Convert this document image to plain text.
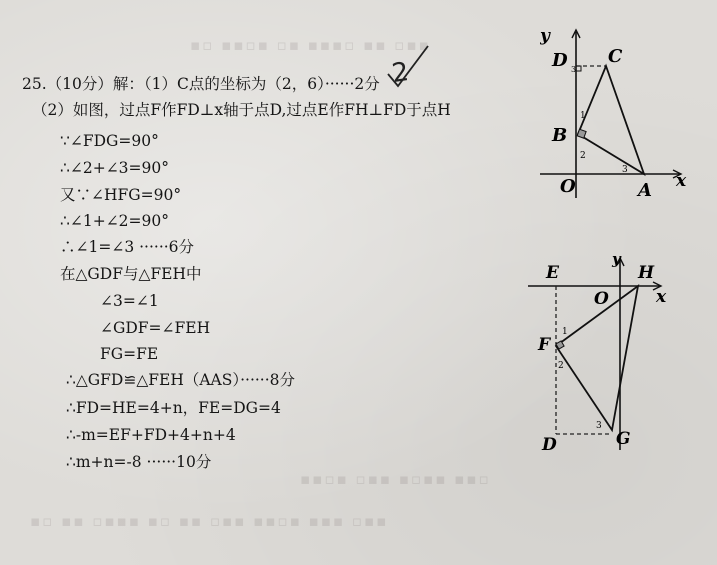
▪▫ ▪▪▫▪ ▫▪ ▪▪▪▫ ▪▪ ▫▪▪
▪▪▫▪ ▫▪▪ ▪▫▪▪ ▪▪▫
▪▫ ▪▪ ▫▪▪▪ ▪▫ ▪▪ ▫▪▪ ▪▪▫▪ ▪▪▪ ▫▪▪
25.（10分）解：（1）C点的坐标为（2，6）······2分
（2）如图，过点F作FD⊥x轴于点D,过点E作FH⊥FD于点H
∵∠FDG=90°
∴∠2+∠3=90°
又∵∠HFG=90°
∴∠1+∠2=90°
∴∠1=∠3 ······6分
在△GDF与△FEH中
∠3=∠1
∠GDF=∠FEH
FG=FE
∴△GFD≌△FEH（AAS）······8分
∴FD=HE=4+n，FE=DG=4
∴-m=EF+FD+4+n+4
∴m+n=-8 ······10分
2
y
D C
B
O	A x
1
2
3
3
E	H
y
O	x
F
D	G
1
2
3
